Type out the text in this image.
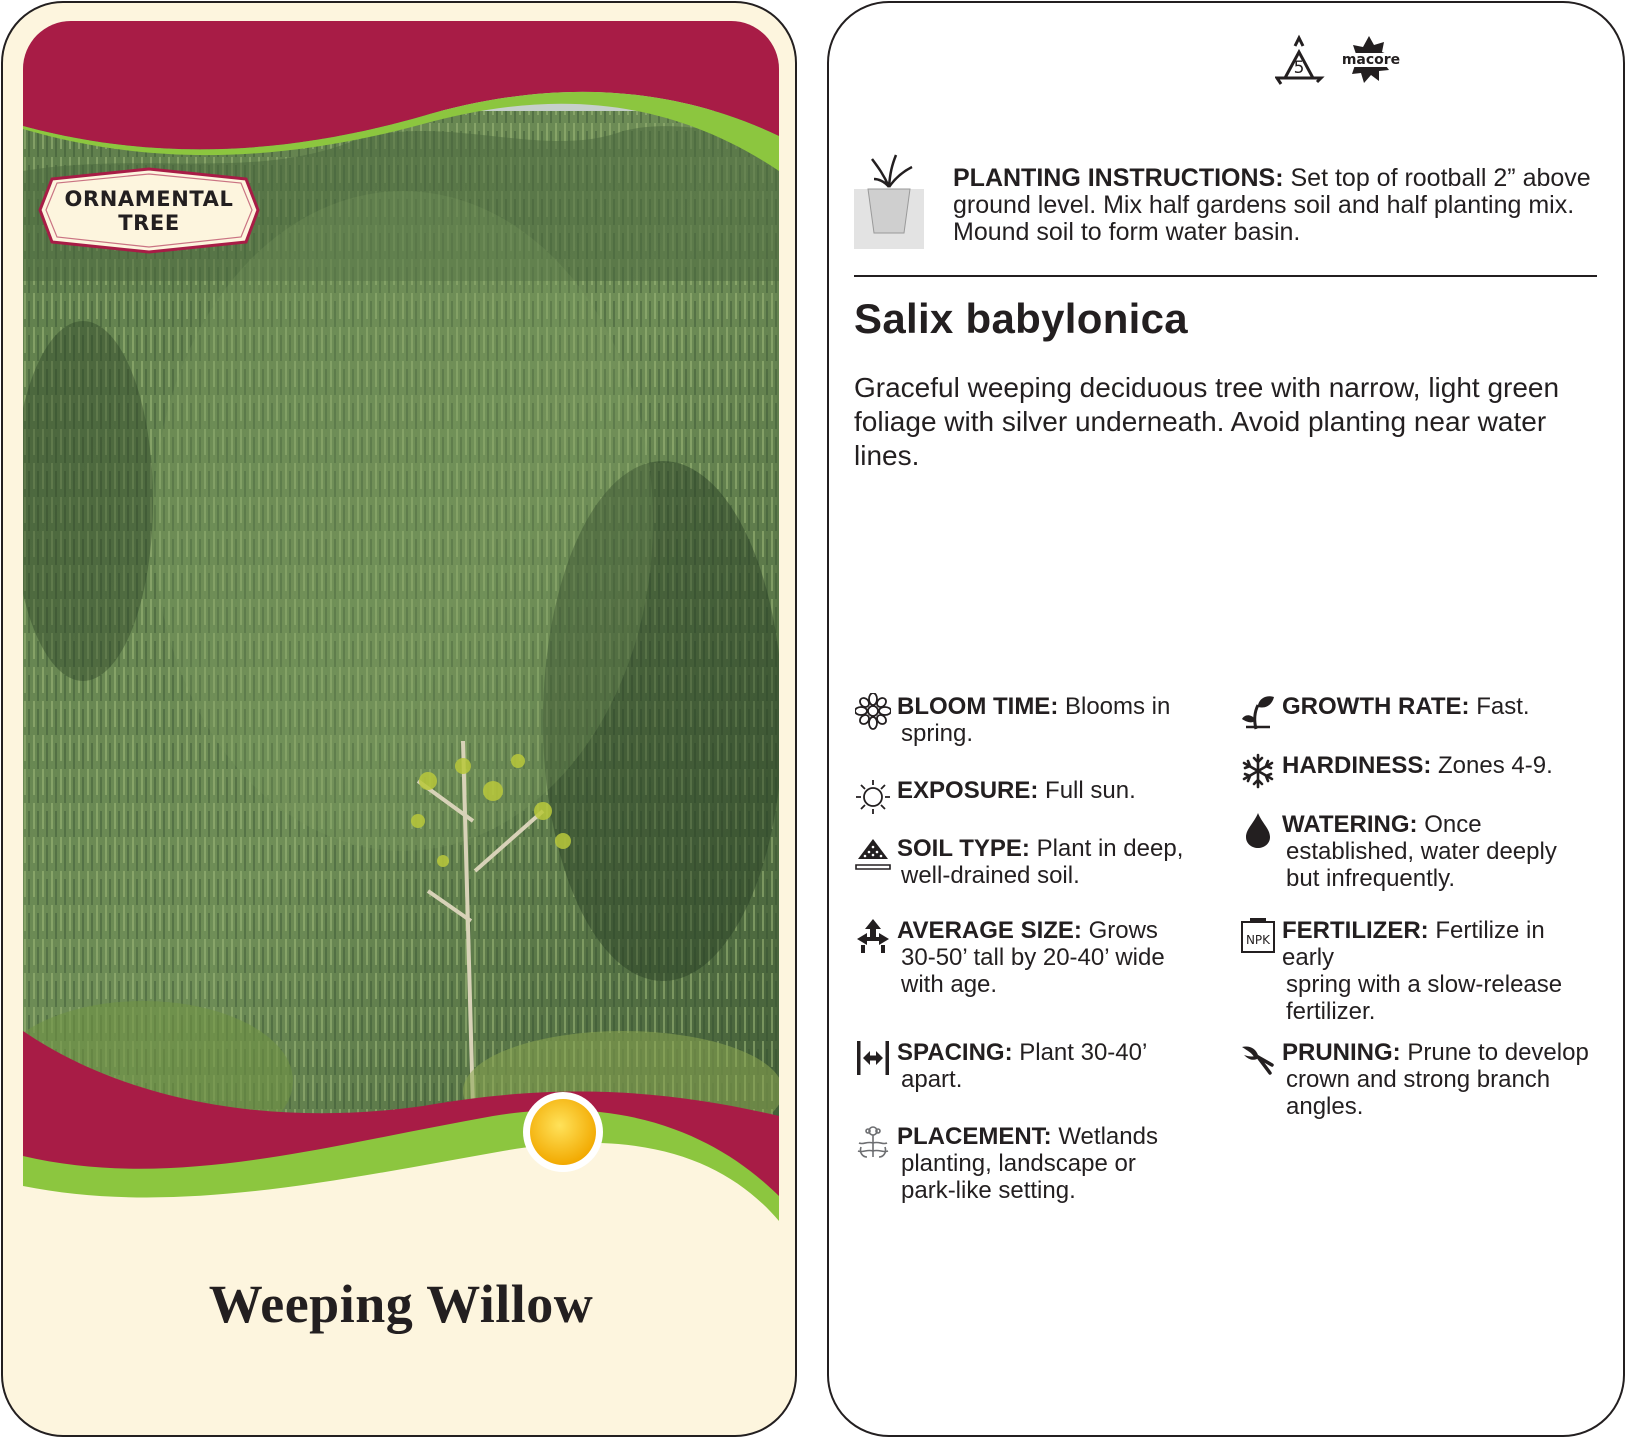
ORNAMENTAL
TREE
Weeping Willow
5	macore
PLANTING INSTRUCTIONS: Set top of rootball 2” above
ground level. Mix half gardens soil and half planting mix.
Mound soil to form water basin.
Salix babylonica
Graceful weeping deciduous tree with narrow, light green
foliage with silver underneath. Avoid planting near water
lines.
BLOOM TIME: Blooms in
spring.
EXPOSURE: Full sun.
SOIL TYPE: Plant in deep,
well-drained soil.
AVERAGE SIZE: Grows
30-50’ tall by 20-40’ wide
with age.
SPACING: Plant 30-40’
apart.
PLACEMENT: Wetlands
planting, landscape or
park-like setting.
GROWTH RATE: Fast.
HARDINESS: Zones 4-9.
WATERING: Once
established, water deeply
but infrequently.
NPK FERTILIZER: Fertilize in early
spring with a slow-release
fertilizer.
PRUNING: Prune to develop
crown and strong branch
angles.
